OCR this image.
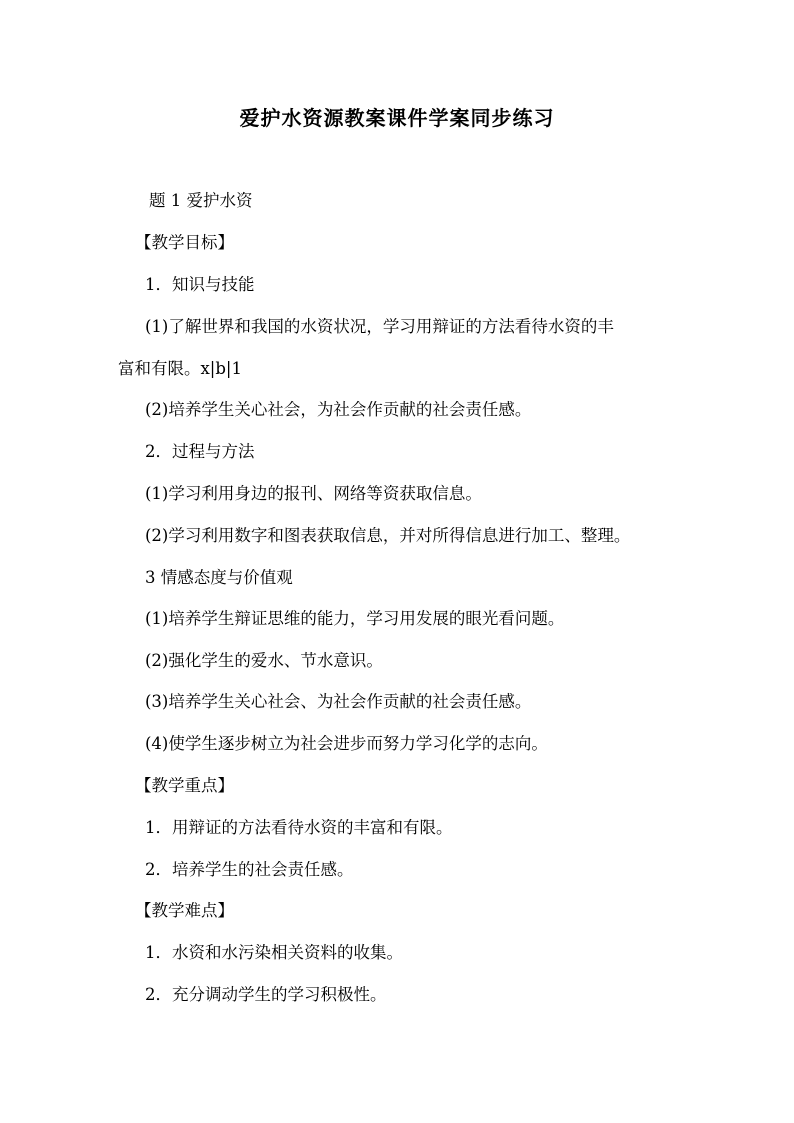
爱护水资源教案课件学案同步练习
题 1 爱护水资
【教学目标】
1．知识与技能
(1)了解世界和我国的水资状况，学习用辩证的方法看待水资的丰
富和有限。x|b|1
(2)培养学生关心社会，为社会作贡献的社会责任感。
2．过程与方法
(1)学习利用身边的报刊、网络等资获取信息。
(2)学习利用数字和图表获取信息，并对所得信息进行加工、整理。
3 情感态度与价值观
(1)培养学生辩证思维的能力，学习用发展的眼光看问题。
(2)强化学生的爱水、节水意识。
(3)培养学生关心社会、为社会作贡献的社会责任感。
(4)使学生逐步树立为社会进步而努力学习化学的志向。
【教学重点】
1．用辩证的方法看待水资的丰富和有限。
2．培养学生的社会责任感。
【教学难点】
1．水资和水污染相关资料的收集。
2．充分调动学生的学习积极性。
